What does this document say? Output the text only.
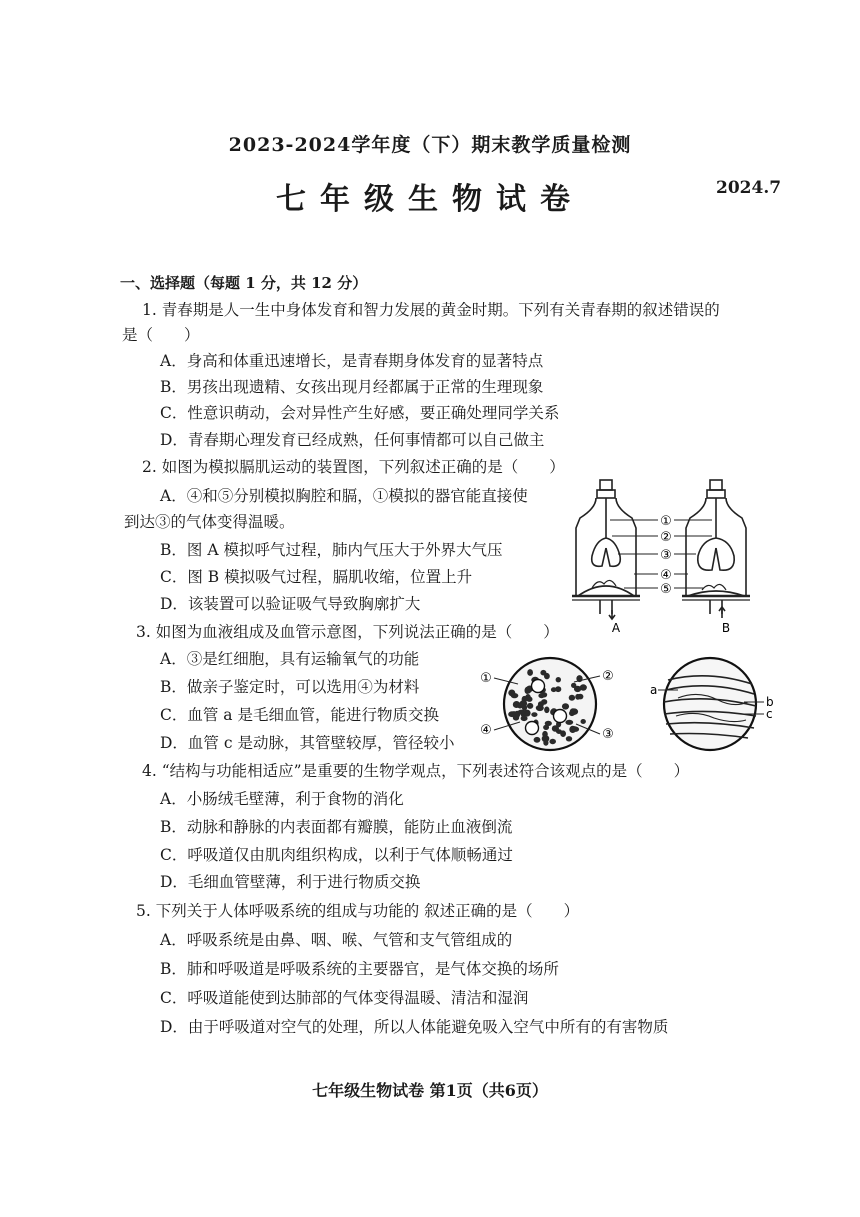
2023-2024学年度（下）期末教学质量检测
七年级生物试卷	2024.7
一、选择题（每题 1 分，共 12 分）
1. 青春期是人一生中身体发育和智力发展的黄金时期。下列有关青春期的叙述错误的
是（　　）
A．身高和体重迅速增长，是青春期身体发育的显著特点
B．男孩出现遗精、女孩出现月经都属于正常的生理现象
C．性意识萌动，会对异性产生好感，要正确处理同学关系
D．青春期心理发育已经成熟，任何事情都可以自己做主
2. 如图为模拟膈肌运动的装置图，下列叙述正确的是（　　）
A．④和⑤分别模拟胸腔和膈，①模拟的器官能直接使
到达③的气体变得温暖。
B．图 A 模拟呼气过程，肺内气压大于外界大气压
C．图 B 模拟吸气过程，膈肌收缩，位置上升
D．该装置可以验证吸气导致胸廓扩大
3. 如图为血液组成及血管示意图，下列说法正确的是（　　）
A．③是红细胞，具有运输氧气的功能
B．做亲子鉴定时，可以选用④为材料
C．血管 a 是毛细血管，能进行物质交换
D．血管 c 是动脉，其管壁较厚，管径较小
4. “结构与功能相适应”是重要的生物学观点，下列表述符合该观点的是（　　）
A．小肠绒毛壁薄，利于食物的消化
B．动脉和静脉的内表面都有瓣膜，能防止血液倒流
C．呼吸道仅由肌肉组织构成，以利于气体顺畅通过
D．毛细血管壁薄，利于进行物质交换
5. 下列关于人体呼吸系统的组成与功能的 叙述正确的是（　　）
A．呼吸系统是由鼻、咽、喉、气管和支气管组成的
B．肺和呼吸道是呼吸系统的主要器官，是气体交换的场所
C．呼吸道能使到达肺部的气体变得温暖、清洁和湿润
D．由于呼吸道对空气的处理，所以人体能避免吸入空气中所有的有害物质
①
②
③
④
⑤
A	B
①	②
③
④
a
b
c
七年级生物试卷 第1页（共6页）
